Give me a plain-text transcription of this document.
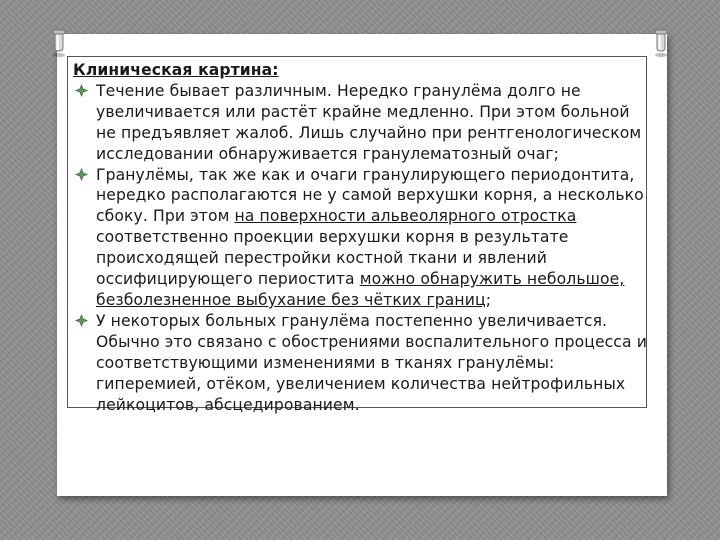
Клиническая картина:

Течение бывает различным. Нередко гранулёма долго не увеличивается или растёт крайне медленно. При этом больной не предъявляет жалоб. Лишь случайно при рентгенологическом исследовании обнаруживается гранулематозный очаг;

Гранулёмы, так же как и очаги гранулирующего периодонтита, нередко располагаются не у самой верхушки корня, а несколько сбоку. При этом на поверхности альвеолярного отростка соответственно проекции верхушки корня в результате происходящей перестройки костной ткани и явлений оссифицирующего периостита можно обнаружить небольшое, безболезненное выбухание без чётких границ;

У некоторых больных гранулёма постепенно увеличивается. Обычно это связано с обострениями воспалительного процесса и соответствующими изменениями в тканях гранулёмы: гиперемией, отёком, увеличением количества нейтрофильных лейкоцитов, абсцедированием.
